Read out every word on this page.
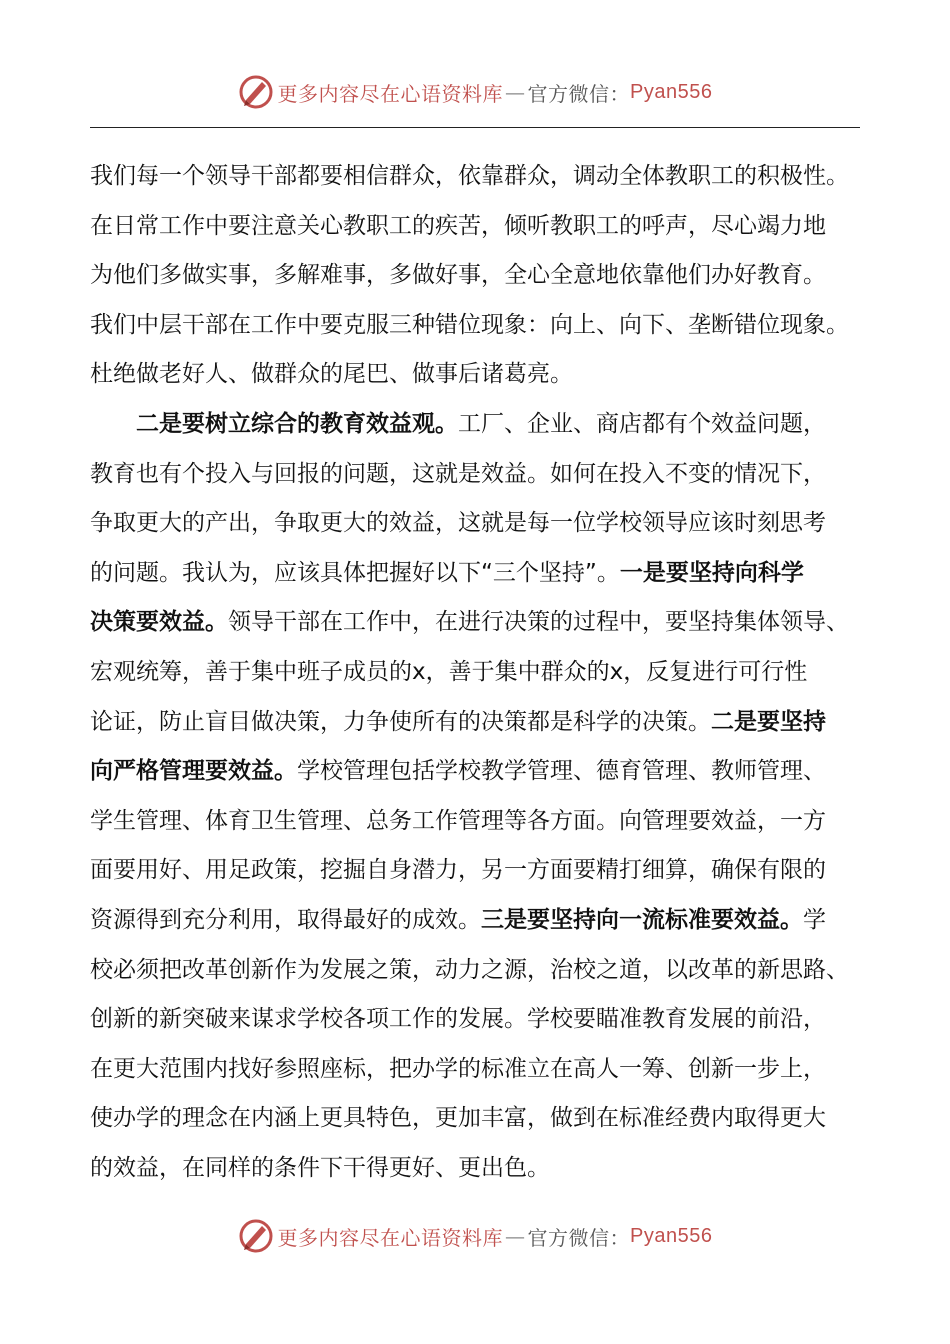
更多内容尽在心语资料库 — 官方微信： Pyan556
我们每一个领导干部都要相信群众，依靠群众，调动全体教职工的积极性。
在日常工作中要注意关心教职工的疾苦，倾听教职工的呼声，尽心竭力地
为他们多做实事，多解难事，多做好事，全心全意地依靠他们办好教育。
我们中层干部在工作中要克服三种错位现象：向上、向下、垄断错位现象。
杜绝做老好人、做群众的尾巴、做事后诸葛亮。
二是要树立综合的教育效益观。工厂、企业、商店都有个效益问题，
教育也有个投入与回报的问题，这就是效益。如何在投入不变的情况下，
争取更大的产出，争取更大的效益，这就是每一位学校领导应该时刻思考
的问题。我认为，应该具体把握好以下“三个坚持”。一是要坚持向科学
决策要效益。领导干部在工作中，在进行决策的过程中，要坚持集体领导、
宏观统筹，善于集中班子成员的x，善于集中群众的x，反复进行可行性
论证，防止盲目做决策，力争使所有的决策都是科学的决策。二是要坚持
向严格管理要效益。学校管理包括学校教学管理、德育管理、教师管理、
学生管理、体育卫生管理、总务工作管理等各方面。向管理要效益，一方
面要用好、用足政策，挖掘自身潜力，另一方面要精打细算，确保有限的
资源得到充分利用，取得最好的成效。三是要坚持向一流标准要效益。学
校必须把改革创新作为发展之策，动力之源，治校之道，以改革的新思路、
创新的新突破来谋求学校各项工作的发展。学校要瞄准教育发展的前沿，
在更大范围内找好参照座标，把办学的标准立在高人一筹、创新一步上，
使办学的理念在内涵上更具特色，更加丰富，做到在标准经费内取得更大
的效益，在同样的条件下干得更好、更出色。
更多内容尽在心语资料库 — 官方微信： Pyan556
